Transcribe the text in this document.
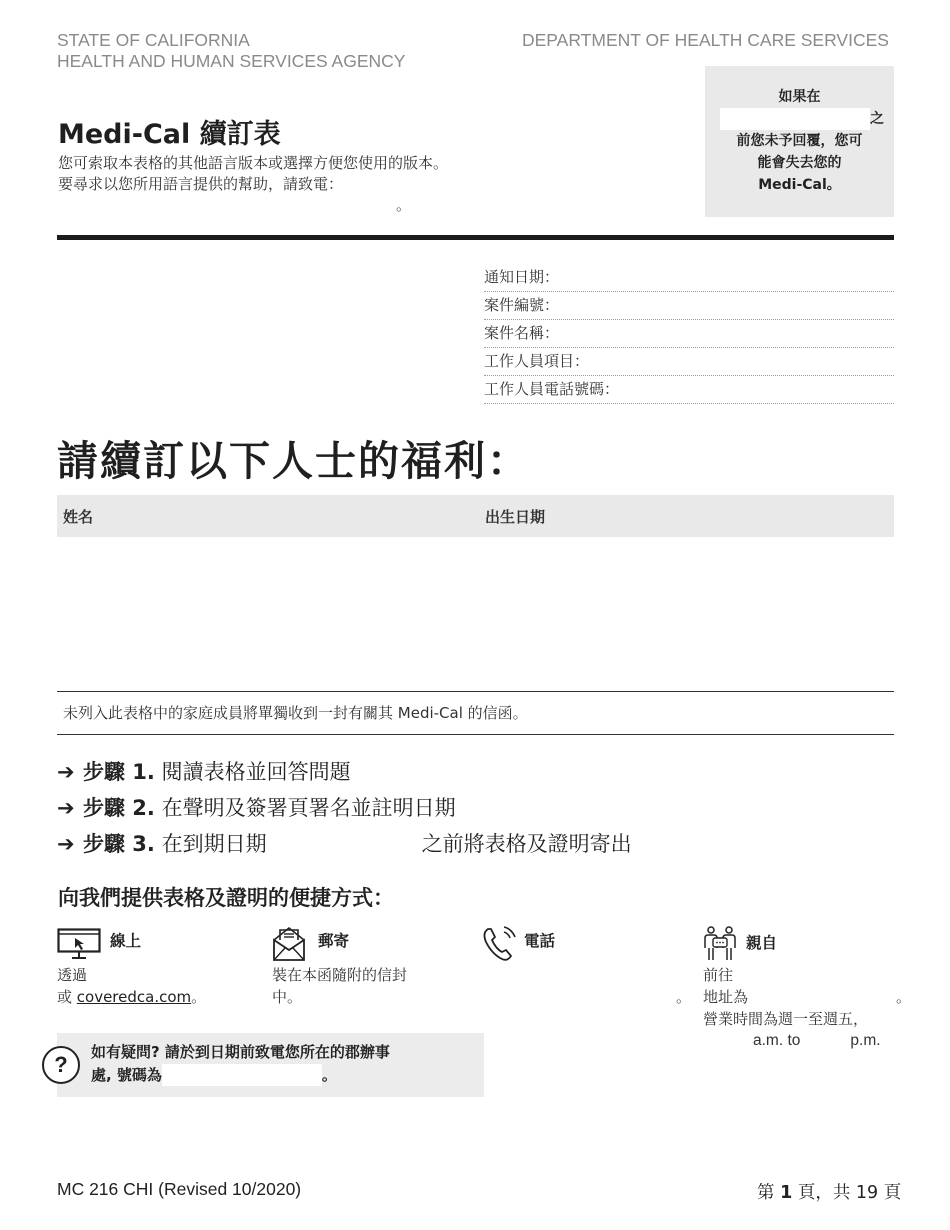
STATE OF CALIFORNIA
HEALTH AND HUMAN SERVICES AGENCY
DEPARTMENT OF HEALTH CARE SERVICES
Medi-Cal 續訂表
您可索取本表格的其他語言版本或選擇方便您使用的版本。
要尋求以您所用語言提供的幫助，請致電：
。
如果在
之
前您未予回覆，您可
能會失去您的
Medi-Cal。
通知日期：
案件編號：
案件名稱：
工作人員項目：
工作人員電話號碼：
請續訂以下人士的福利：
姓名	出生日期
未列入此表格中的家庭成員將單獨收到一封有關其 Medi-Cal 的信函。
➔ 步驟 1. 閱讀表格並回答問題
➔ 步驟 2. 在聲明及簽署頁署名並註明日期
➔ 步驟 3. 在到期日期	之前將表格及證明寄出
向我們提供表格及證明的便捷方式：
線上
透過
或 coveredca.com。
郵寄
裝在本函隨附的信封
中。
電話
。
親自
前往
地址為	。
營業時間為週一至週五，
a.m. to	p.m.
如有疑問? 請於到日期前致電您所在的郡辦事
處, 號碼為	。
?
MC 216 CHI (Revised 10/2020)	第 1 頁，共 19 頁
